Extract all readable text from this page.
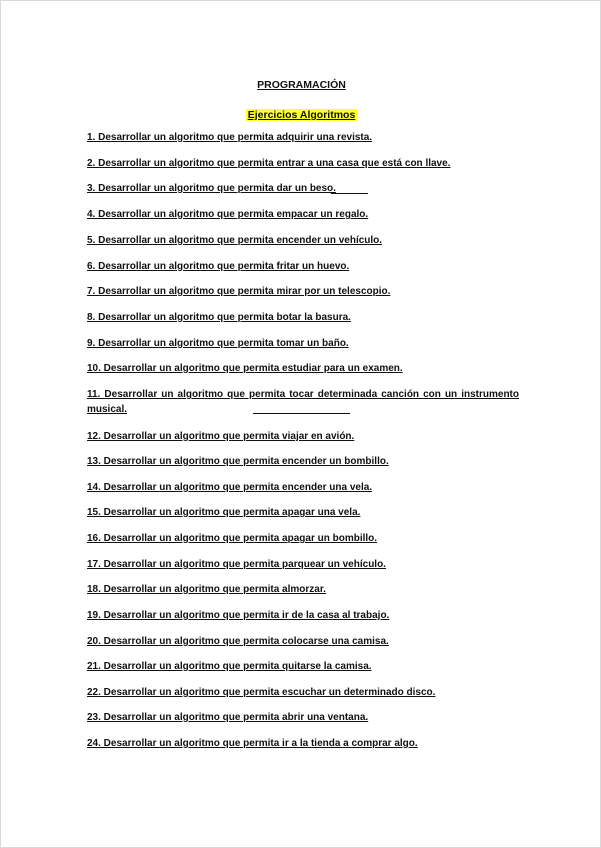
PROGRAMACIÓN
Ejercicios Algoritmos
1. Desarrollar un algoritmo que permita adquirir una revista.
2. Desarrollar un algoritmo que permita entrar a una casa que está con llave.
3. Desarrollar un algoritmo que permita dar un beso.
4. Desarrollar un algoritmo que permita empacar un regalo.
5. Desarrollar un algoritmo que permita encender un vehículo.
6. Desarrollar un algoritmo que permita fritar un huevo.
7. Desarrollar un algoritmo que permita mirar por un telescopio.
8. Desarrollar un algoritmo que permita botar la basura.
9. Desarrollar un algoritmo que permita tomar un baño.
10. Desarrollar un algoritmo que permita estudiar para un examen.
11. Desarrollar un algoritmo que permita tocar determinada canción con un instrumento musical.
12. Desarrollar un algoritmo que permita viajar en avión.
13. Desarrollar un algoritmo que permita encender un bombillo.
14. Desarrollar un algoritmo que permita encender una vela.
15. Desarrollar un algoritmo que permita apagar una vela.
16. Desarrollar un algoritmo que permita apagar un bombillo.
17. Desarrollar un algoritmo que permita parquear un vehículo.
18. Desarrollar un algoritmo que permita almorzar.
19. Desarrollar un algoritmo que permita ir de la casa al trabajo.
20. Desarrollar un algoritmo que permita colocarse una camisa.
21. Desarrollar un algoritmo que permita quitarse la camisa.
22. Desarrollar un algoritmo que permita escuchar un determinado disco.
23. Desarrollar un algoritmo que permita abrir una ventana.
24. Desarrollar un algoritmo que permita ir a la tienda a comprar algo.
